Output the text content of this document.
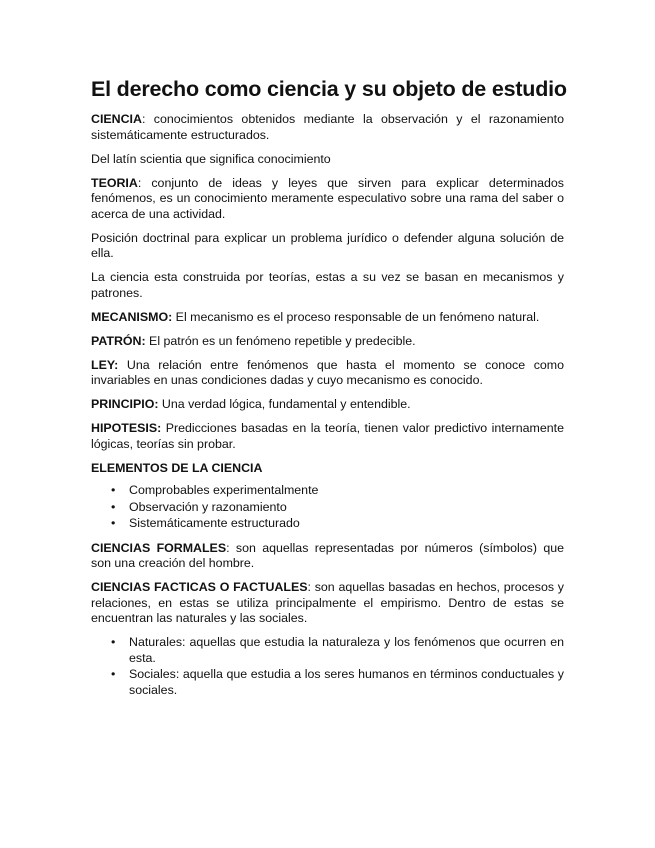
El derecho como ciencia y su objeto de estudio

CIENCIA: conocimientos obtenidos mediante la observación y el razonamiento sistemáticamente estructurados.

Del latín scientia que significa conocimiento

TEORIA: conjunto de ideas y leyes que sirven para explicar determinados fenómenos, es un conocimiento meramente especulativo sobre una rama del saber o acerca de una actividad.

Posición doctrinal para explicar un problema jurídico o defender alguna solución de ella.

La ciencia esta construida por teorías, estas a su vez se basan en mecanismos y patrones.

MECANISMO: El mecanismo es el proceso responsable de un fenómeno natural.

PATRÓN: El patrón es un fenómeno repetible y predecible.

LEY: Una relación entre fenómenos que hasta el momento se conoce como invariables en unas condiciones dadas y cuyo mecanismo es conocido.

PRINCIPIO: Una verdad lógica, fundamental y entendible.

HIPOTESIS: Predicciones basadas en la teoría, tienen valor predictivo internamente lógicas, teorías sin probar.

ELEMENTOS DE LA CIENCIA

• Comprobables experimentalmente
• Observación y razonamiento
• Sistemáticamente estructurado

CIENCIAS FORMALES: son aquellas representadas por números (símbolos) que son una creación del hombre.

CIENCIAS FACTICAS O FACTUALES: son aquellas basadas en hechos, procesos y relaciones, en estas se utiliza principalmente el empirismo. Dentro de estas se encuentran las naturales y las sociales.

• Naturales: aquellas que estudia la naturaleza y los fenómenos que ocurren en esta.
• Sociales: aquella que estudia a los seres humanos en términos conductuales y sociales.
